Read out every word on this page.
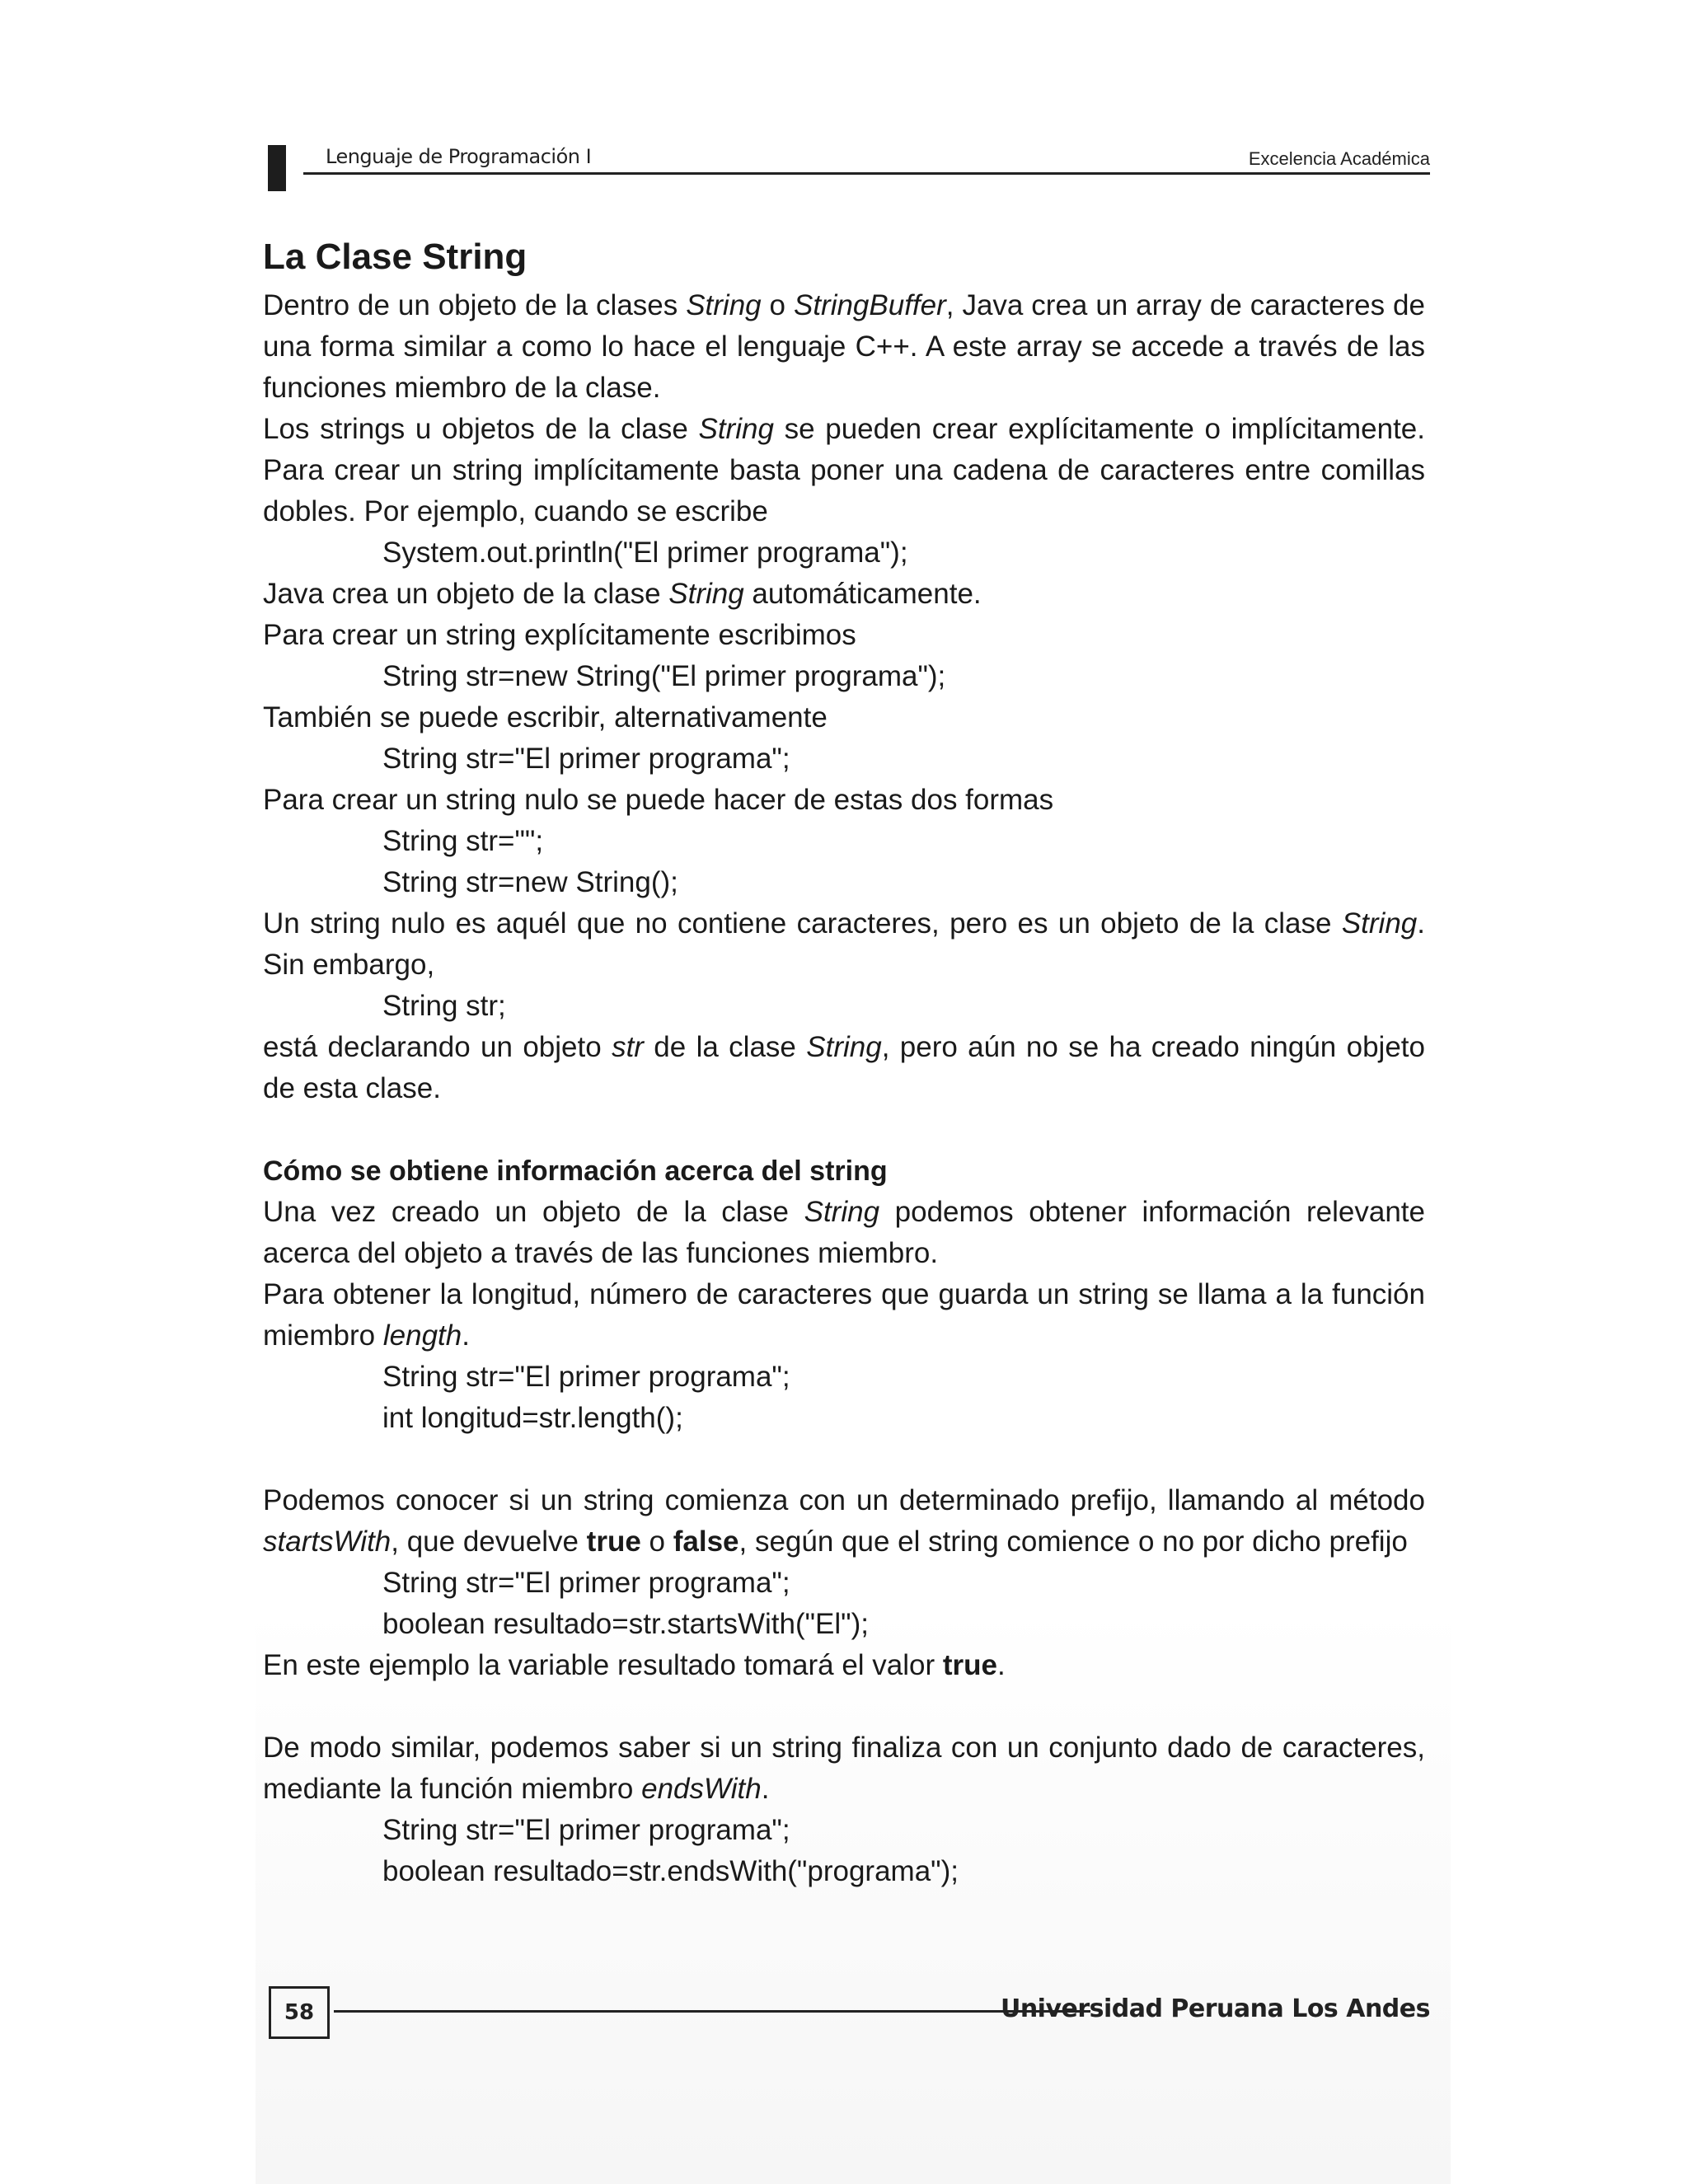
Lenguaje de Programación I	Excelencia Académica
La Clase String

Dentro de un objeto de la clases String o StringBuffer, Java crea un array de caracteres de una forma similar a como lo hace el lenguaje C++. A este array se accede a través de las funciones miembro de la clase.

Los strings u objetos de la clase String se pueden crear explícitamente o implícitamente. Para crear un string implícitamente basta poner una cadena de caracteres entre comillas dobles. Por ejemplo, cuando se escribe

System.out.println("El primer programa");

Java crea un objeto de la clase String automáticamente.

Para crear un string explícitamente escribimos

String str=new String("El primer programa");

También se puede escribir, alternativamente

String str="El primer programa";

Para crear un string nulo se puede hacer de estas dos formas

String str="";

String str=new String();

Un string nulo es aquél que no contiene caracteres, pero es un objeto de la clase String. Sin embargo,

String str;

está declarando un objeto str de la clase String, pero aún no se ha creado ningún objeto de esta clase.

Cómo se obtiene información acerca del string

Una vez creado un objeto de la clase String podemos obtener información relevante acerca del objeto a través de las funciones miembro.

Para obtener la longitud, número de caracteres que guarda un string se llama a la función miembro length.

String str="El primer programa";

int longitud=str.length();

Podemos conocer si un string comienza con un determinado prefijo, llamando al método startsWith, que devuelve true o false, según que el string comience o no por dicho prefijo

String str="El primer programa";

boolean resultado=str.startsWith("El");

En este ejemplo la variable resultado tomará el valor true.

De modo similar, podemos saber si un string finaliza con un conjunto dado de caracteres, mediante la función miembro endsWith.

String str="El primer programa";

boolean resultado=str.endsWith("programa");

58	Universidad Peruana Los Andes
